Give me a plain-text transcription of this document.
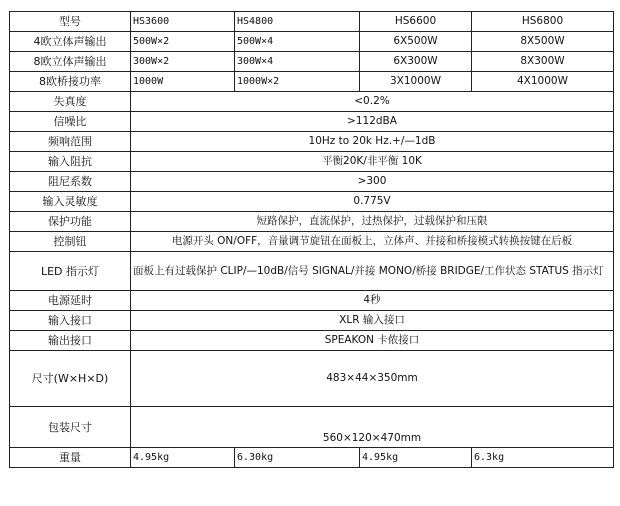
型号	HS3600	HS4800	HS6600	HS6800
4欧立体声输出	500W×2	500W×4	6X500W	8X500W
8欧立体声输出	300W×2	300W×4	6X300W	8X300W
8欧桥接功率	1000W	1000W×2	3X1000W	4X1000W
失真度	<0.2%			
信噪比	>112dBA			
频响范围	10Hz to 20k Hz.+/—1dB			
输入阻抗	平衡20K/非平衡 10K			
阻尼系数	>300			
输入灵敏度	0.775V			
保护功能	短路保护，直流保护，过热保护，过载保护和压限			
控制钮	电源开头 ON/OFF，音量调节旋钮在面板上，立体声、并接和桥接模式转换按键在后板			
LED 指示灯	面板上有过载保护 CLIP/—10dB/信号 SIGNAL/并接 MONO/桥接 BRIDGE/工作状态 STATUS 指示灯			
电源延时	4秒			
输入接口	XLR 输入接口			
输出接口	SPEAKON 卡侬接口			
尺寸(W×H×D)	483×44×350mm			
包装尺寸	560×120×470mm			
重量	4.95kg	6.30kg	4.95kg	6.3kg
